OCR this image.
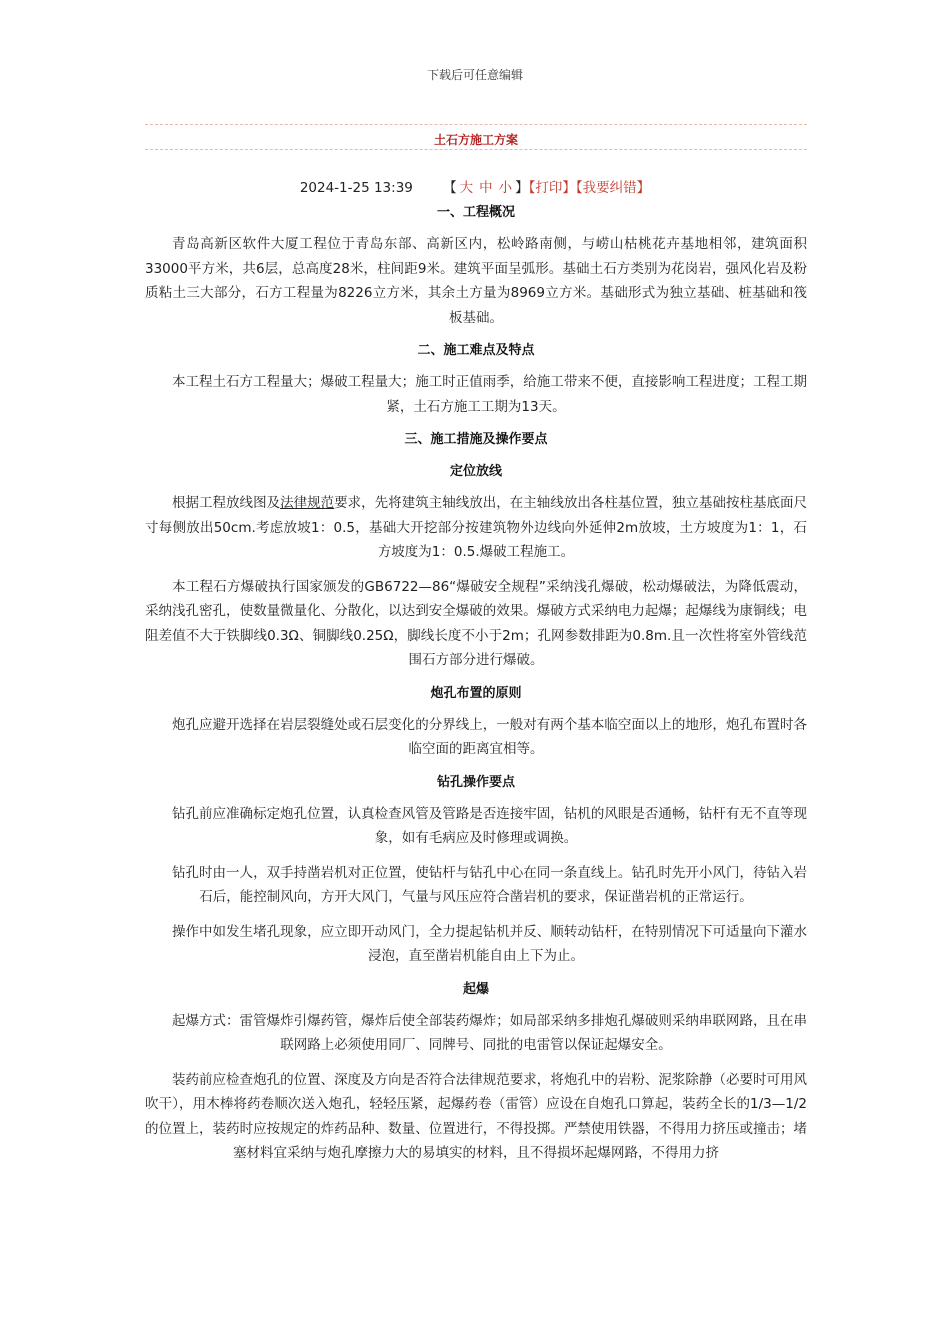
下载后可任意编辑
土石方施工方案
2024-1-25 13:39 【 大 中 小 】【打印】【我要纠错】
一、工程概况

青岛高新区软件大厦工程位于青岛东部、高新区内，松岭路南侧，与崂山枯桃花卉基地相邻，建筑面积33000平方米，共6层，总高度28米，柱间距9米。建筑平面呈弧形。基础土石方类别为花岗岩，强风化岩及粉质粘土三大部分，石方工程量为8226立方米，其余土方量为8969立方米。基础形式为独立基础、桩基础和筏板基础。

二、施工难点及特点

本工程土石方工程量大；爆破工程量大；施工时正值雨季，给施工带来不便，直接影响工程进度；工程工期紧，土石方施工工期为13天。

三、施工措施及操作要点
定位放线

根据工程放线图及法律规范要求，先将建筑主轴线放出，在主轴线放出各柱基位置，独立基础按柱基底面尺寸每侧放出50cm.考虑放坡1：0.5，基础大开挖部分按建筑物外边线向外延伸2m放坡，土方坡度为1：1，石方坡度为1：0.5.爆破工程施工。

本工程石方爆破执行国家颁发的GB6722—86“爆破安全规程”采纳浅孔爆破，松动爆破法，为降低震动，采纳浅孔密孔，使数量微量化、分散化，以达到安全爆破的效果。爆破方式采纳电力起爆；起爆线为康铜线；电阻差值不大于铁脚线0.3Ω、铜脚线0.25Ω，脚线长度不小于2m；孔网参数排距为0.8m.且一次性将室外管线范围石方部分进行爆破。

炮孔布置的原则

炮孔应避开选择在岩层裂缝处或石层变化的分界线上，一般对有两个基本临空面以上的地形，炮孔布置时各临空面的距离宜相等。

钻孔操作要点

钻孔前应准确标定炮孔位置，认真检查风管及管路是否连接牢固，钻机的风眼是否通畅，钻杆有无不直等现象，如有毛病应及时修理或调换。

钻孔时由一人，双手持凿岩机对正位置，使钻杆与钻孔中心在同一条直线上。钻孔时先开小风门，待钻入岩石后，能控制风向，方开大风门，气量与风压应符合凿岩机的要求，保证凿岩机的正常运行。

操作中如发生堵孔现象，应立即开动风门，全力提起钻机并反、顺转动钻杆，在特别情况下可适量向下灌水浸泡，直至凿岩机能自由上下为止。

起爆

起爆方式：雷管爆炸引爆药管，爆炸后使全部装药爆炸；如局部采纳多排炮孔爆破则采纳串联网路，且在串联网路上必须使用同厂、同牌号、同批的电雷管以保证起爆安全。

装药前应检查炮孔的位置、深度及方向是否符合法律规范要求，将炮孔中的岩粉、泥浆除静（必要时可用风吹干），用木棒将药卷顺次送入炮孔，轻轻压紧，起爆药卷（雷管）应设在自炮孔口算起，装药全长的1/3—1/2的位置上，装药时应按规定的炸药品种、数量、位置进行，不得投掷。严禁使用铁器，不得用力挤压或撞击；堵塞材料宜采纳与炮孔摩擦力大的易填实的材料，且不得损坏起爆网路，不得用力挤
